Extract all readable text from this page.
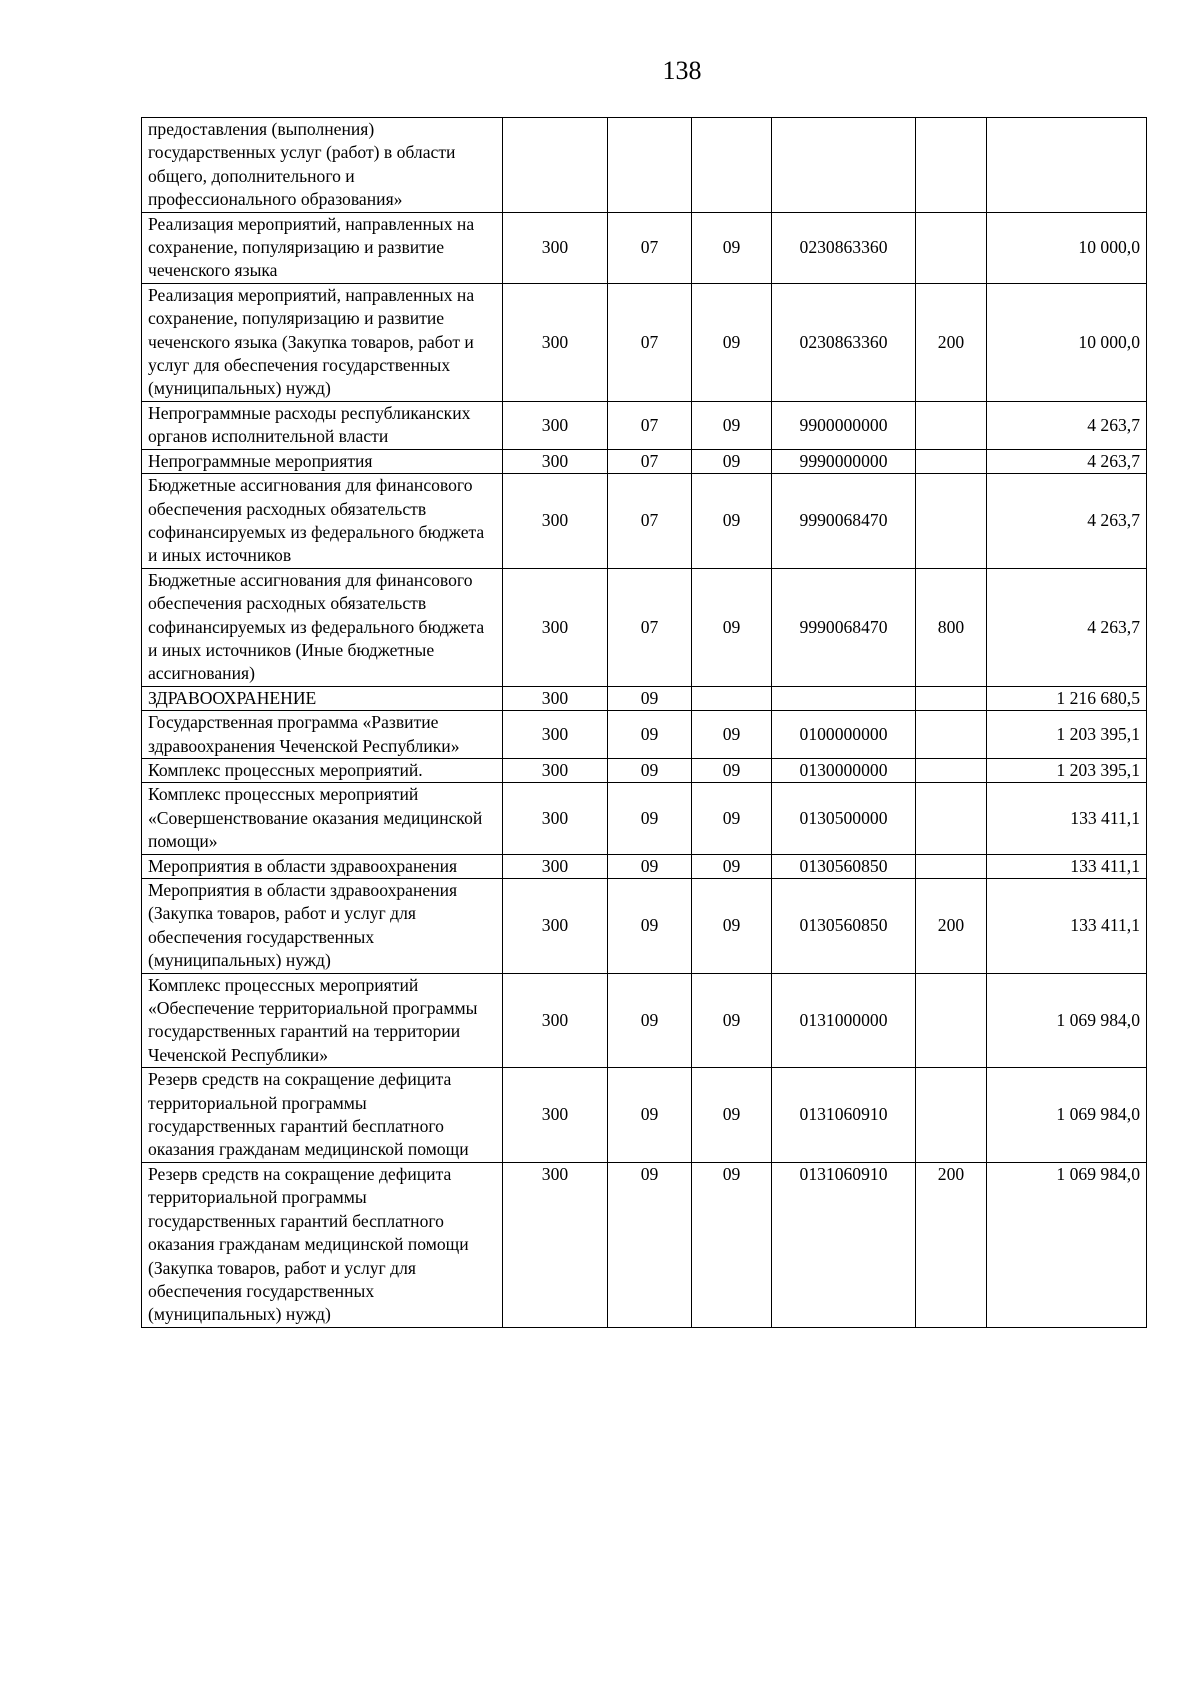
138
предоставления (выполнения) государственных услуг (работ) в области общего, дополнительного и профессионального образования»						
Реализация мероприятий, направленных на сохранение, популяризацию и развитие чеченского языка	300	07	09	0230863360		10 000,0
Реализация мероприятий, направленных на сохранение, популяризацию и развитие чеченского языка (Закупка товаров, работ и услуг для обеспечения государственных (муниципальных) нужд)	300	07	09	0230863360	200	10 000,0
Непрограммные расходы республиканских органов исполнительной власти	300	07	09	9900000000		4 263,7
Непрограммные мероприятия	300	07	09	9990000000		4 263,7
Бюджетные ассигнования для финансового обеспечения расходных обязательств софинансируемых из федерального бюджета и иных источников	300	07	09	9990068470		4 263,7
Бюджетные ассигнования для финансового обеспечения расходных обязательств софинансируемых из федерального бюджета и иных источников (Иные бюджетные ассигнования)	300	07	09	9990068470	800	4 263,7
ЗДРАВООХРАНЕНИЕ	300	09				1 216 680,5
Государственная программа «Развитие здравоохранения Чеченской Республики»	300	09	09	0100000000		1 203 395,1
Комплекс процессных мероприятий.	300	09	09	0130000000		1 203 395,1
Комплекс процессных мероприятий «Совершенствование оказания медицинской помощи»	300	09	09	0130500000		133 411,1
Мероприятия в области здравоохранения	300	09	09	0130560850		133 411,1
Мероприятия в области здравоохранения (Закупка товаров, работ и услуг для обеспечения государственных (муниципальных) нужд)	300	09	09	0130560850	200	133 411,1
Комплекс процессных мероприятий «Обеспечение территориальной программы государственных гарантий на территории Чеченской Республики»	300	09	09	0131000000		1 069 984,0
Резерв средств на сокращение дефицита территориальной программы государственных гарантий бесплатного оказания гражданам медицинской помощи	300	09	09	0131060910		1 069 984,0
Резерв средств на сокращение дефицита территориальной программы государственных гарантий бесплатного оказания гражданам медицинской помощи (Закупка товаров, работ и услуг для обеспечения государственных (муниципальных) нужд)	300	09	09	0131060910	200	1 069 984,0
